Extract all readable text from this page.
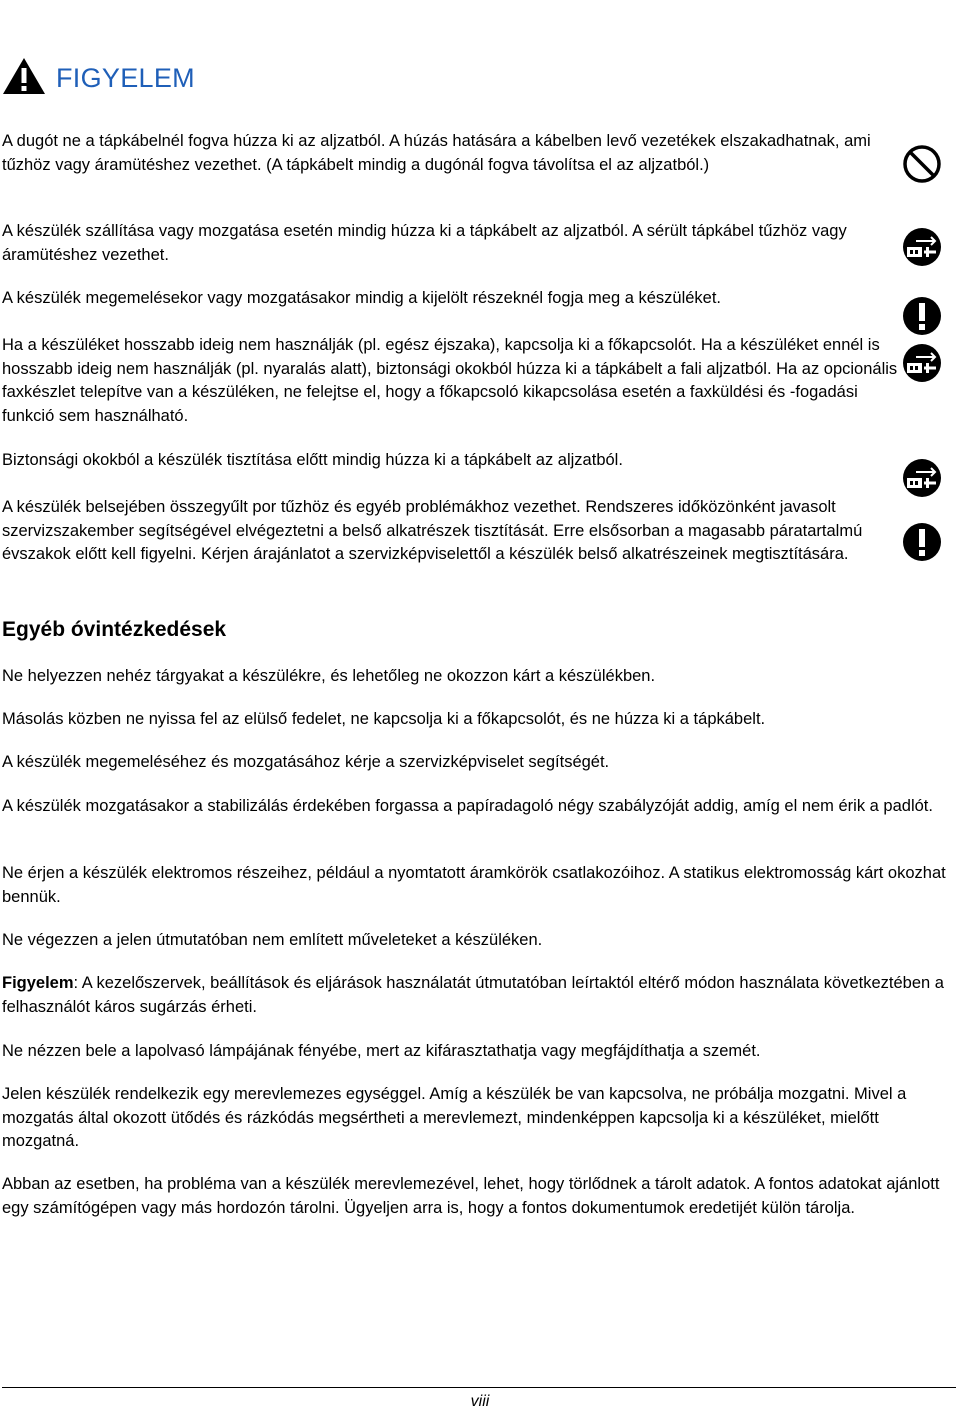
FIGYELEM

A dugót ne a tápkábelnél fogva húzza ki az aljzatból. A húzás hatására a kábelben levő vezetékek elszakadhatnak, ami tűzhöz vagy áramütéshez vezethet. (A tápkábelt mindig a dugónál fogva távolítsa el az aljzatból.)

A készülék szállítása vagy mozgatása esetén mindig húzza ki a tápkábelt az aljzatból. A sérült tápkábel tűzhöz vagy áramütéshez vezethet.

A készülék megemelésekor vagy mozgatásakor mindig a kijelölt részeknél fogja meg a készüléket.

Ha a készüléket hosszabb ideig nem használják (pl. egész éjszaka), kapcsolja ki a főkapcsolót. Ha a készüléket ennél is hosszabb ideig nem használják (pl. nyaralás alatt), biztonsági okokból húzza ki a tápkábelt a fali aljzatból. Ha az opcionális faxkészlet telepítve van a készüléken, ne felejtse el, hogy a főkapcsoló kikapcsolása esetén a faxküldési és -fogadási funkció sem használható.

Biztonsági okokból a készülék tisztítása előtt mindig húzza ki a tápkábelt az aljzatból.

A készülék belsejében összegyűlt por tűzhöz és egyéb problémákhoz vezethet. Rendszeres időközönként javasolt szervizszakember segítségével elvégeztetni a belső alkatrészek tisztítását. Erre elsősorban a magasabb páratartalmú évszakok előtt kell figyelni. Kérjen árajánlatot a szervizképviselettől a készülék belső alkatrészeinek megtisztítására.

Egyéb óvintézkedések

Ne helyezzen nehéz tárgyakat a készülékre, és lehetőleg ne okozzon kárt a készülékben.

Másolás közben ne nyissa fel az elülső fedelet, ne kapcsolja ki a főkapcsolót, és ne húzza ki a tápkábelt.

A készülék megemeléséhez és mozgatásához kérje a szervizképviselet segítségét.

A készülék mozgatásakor a stabilizálás érdekében forgassa a papíradagoló négy szabályzóját addig, amíg el nem érik a padlót.

Ne érjen a készülék elektromos részeihez, például a nyomtatott áramkörök csatlakozóihoz. A statikus elektromosság kárt okozhat bennük.

Ne végezzen a jelen útmutatóban nem említett műveleteket a készüléken.

Figyelem: A kezelőszervek, beállítások és eljárások használatát útmutatóban leírtaktól eltérő módon használata következtében a felhasználót káros sugárzás érheti.

Ne nézzen bele a lapolvasó lámpájának fényébe, mert az kifárasztathatja vagy megfájdíthatja a szemét.

Jelen készülék rendelkezik egy merevlemezes egységgel. Amíg a készülék be van kapcsolva, ne próbálja mozgatni. Mivel a mozgatás által okozott ütődés és rázkódás megsértheti a merevlemezt, mindenképpen kapcsolja ki a készüléket, mielőtt mozgatná.

Abban az esetben, ha probléma van a készülék merevlemezével, lehet, hogy törlődnek a tárolt adatok. A fontos adatokat ajánlott egy számítógépen vagy más hordozón tárolni. Ügyeljen arra is, hogy a fontos dokumentumok eredetijét külön tárolja.

viii
